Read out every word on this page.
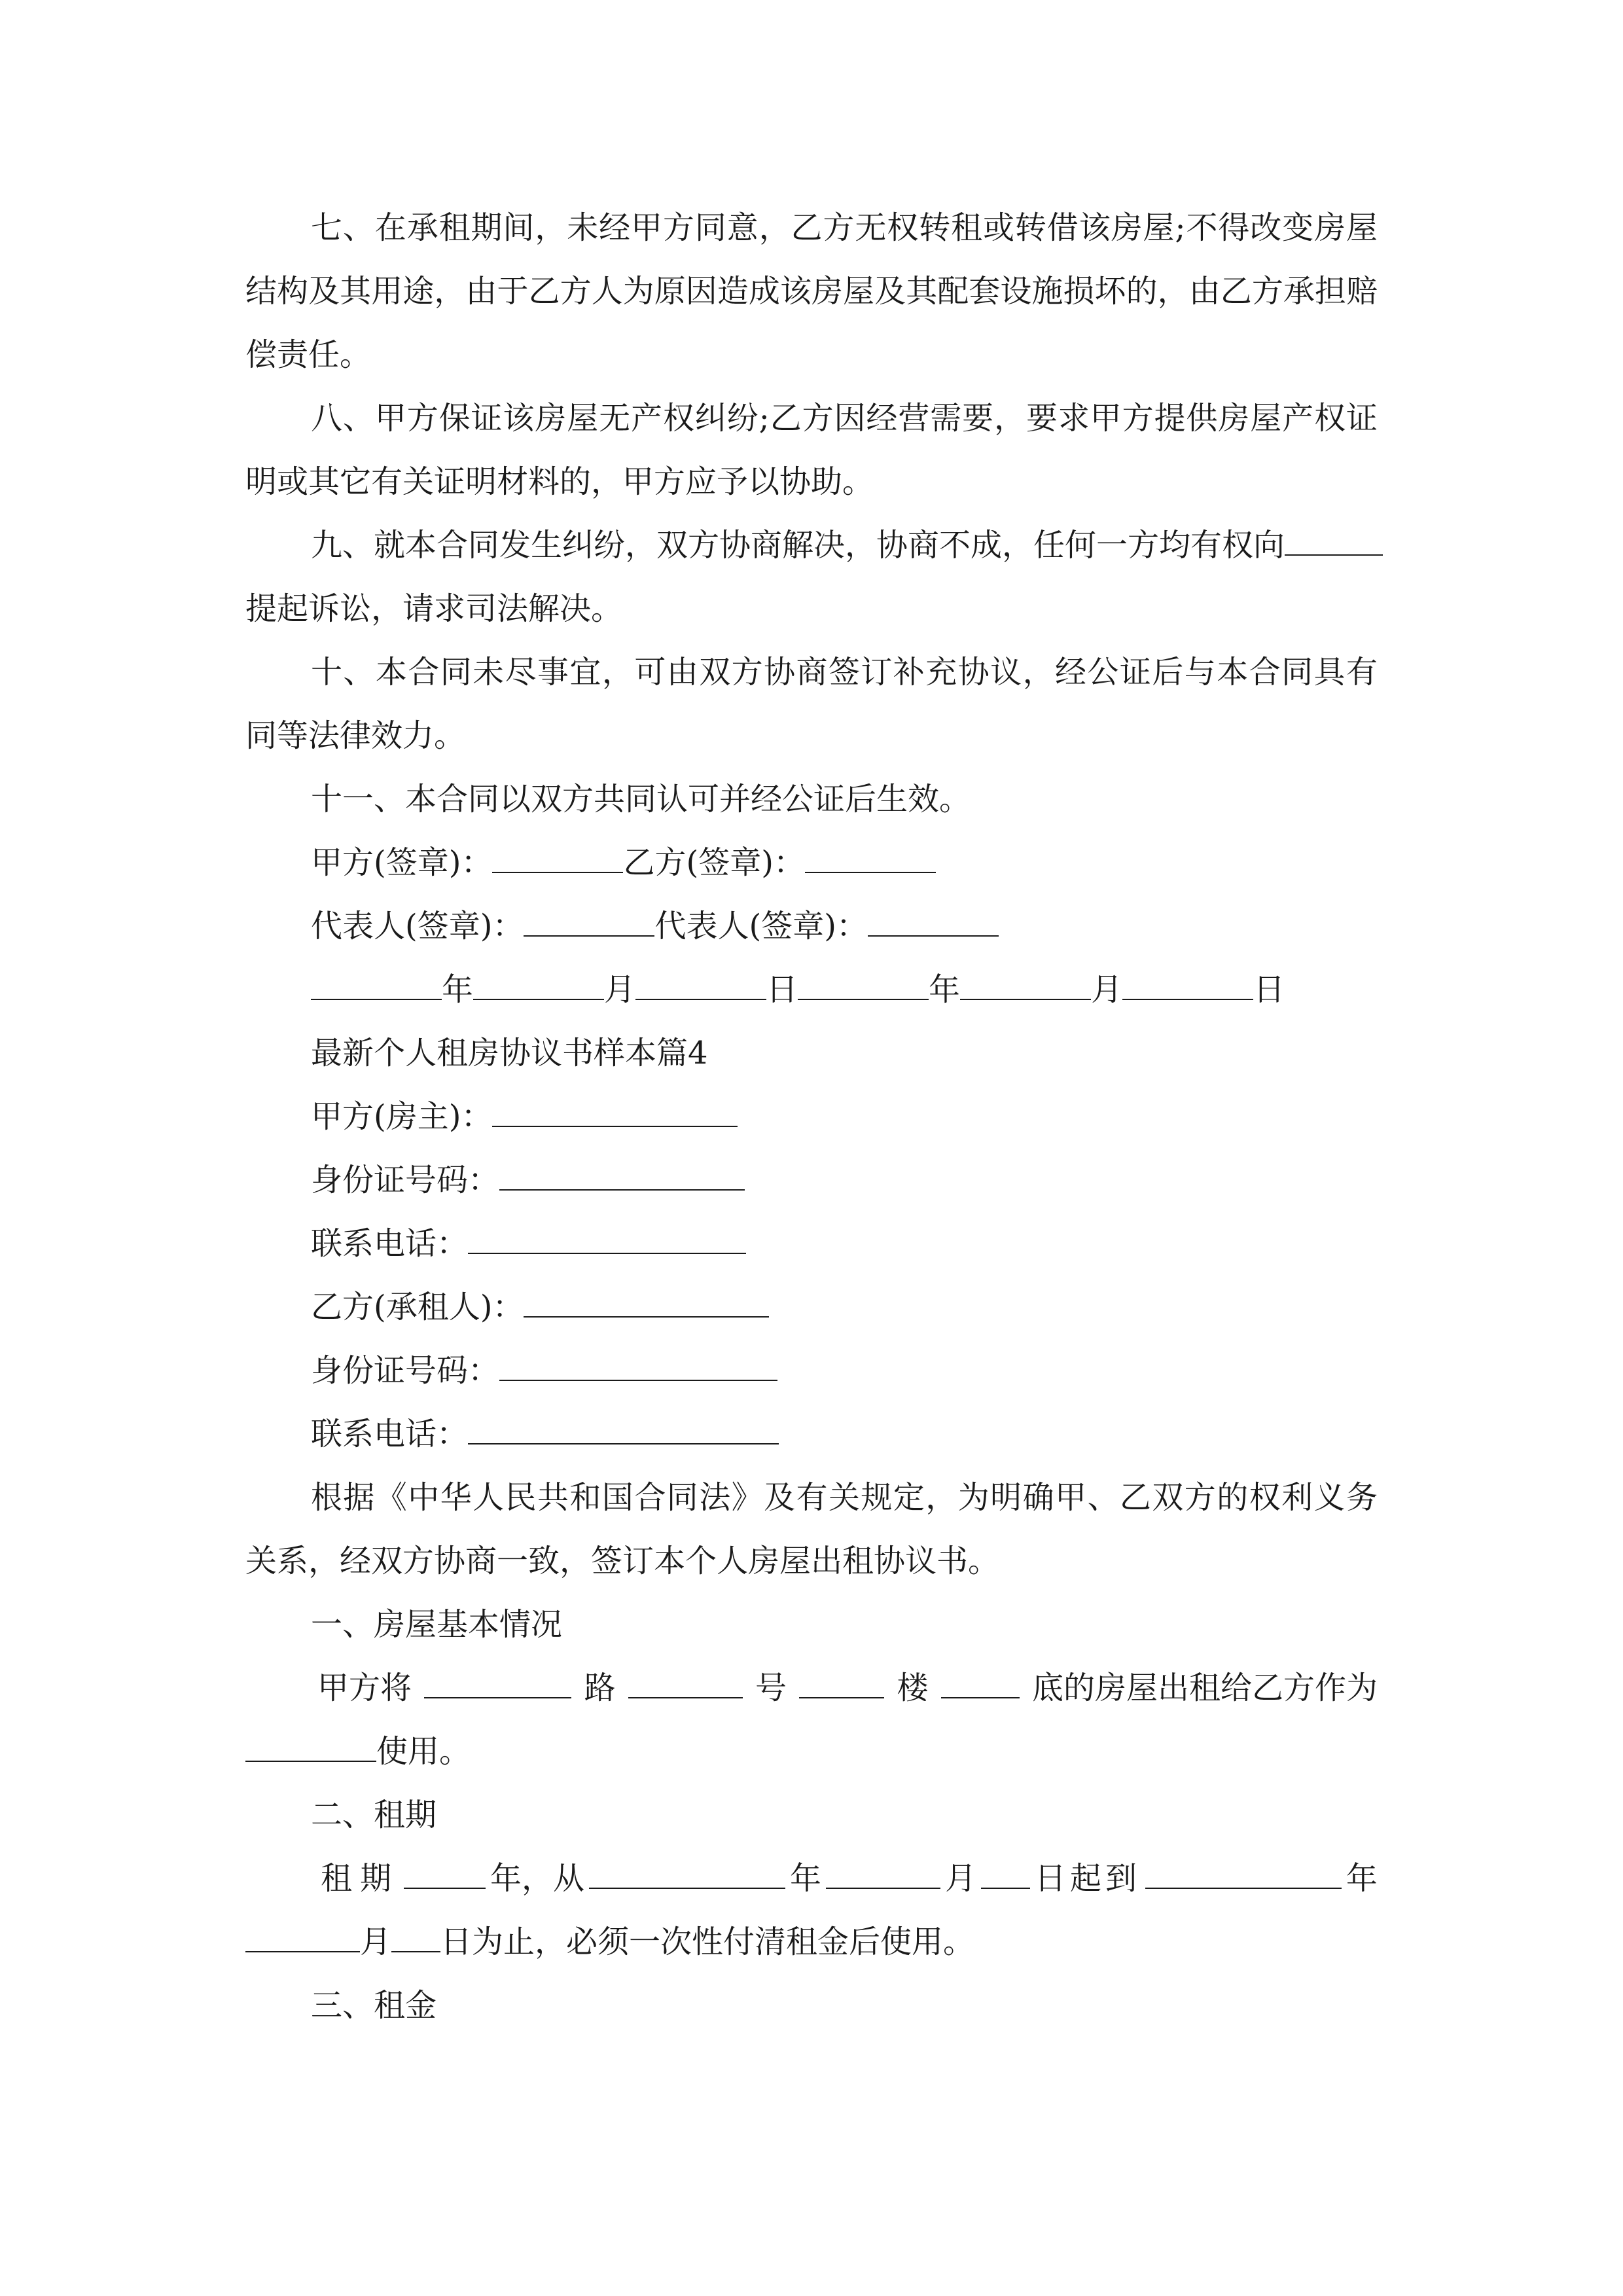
七、在承租期间，未经甲方同意，乙方无权转租或转借该房屋;不得改变房屋结构及其用途，由于乙方人为原因造成该房屋及其配套设施损坏的，由乙方承担赔偿责任。

八、甲方保证该房屋无产权纠纷;乙方因经营需要，要求甲方提供房屋产权证明或其它有关证明材料的，甲方应予以协助。

九、就本合同发生纠纷，双方协商解决，协商不成，任何一方均有权向

提起诉讼，请求司法解决。

十、本合同未尽事宜，可由双方协商签订补充协议，经公证后与本合同具有同等法律效力。

十一、本合同以双方共同认可并经公证后生效。

甲方(签章)：	乙方(签章)：

代表人(签章)：	代表人(签章)：

年	月	日	年	月	日

最新个人租房协议书样本篇4

甲方(房主)：

身份证号码：

联系电话：

乙方(承租人)：

身份证号码：

联系电话：

根据《中华人民共和国合同法》及有关规定，为明确甲、乙双方的权利义务关系，经双方协商一致，签订本个人房屋出租协议书。

一、房屋基本情况

甲方将	路	号	楼	底的房屋出租给乙方作为

使用。

二、租期

租期	年，从	年	月 日起到	年

月 日为止，必须一次性付清租金后使用。

三、租金
